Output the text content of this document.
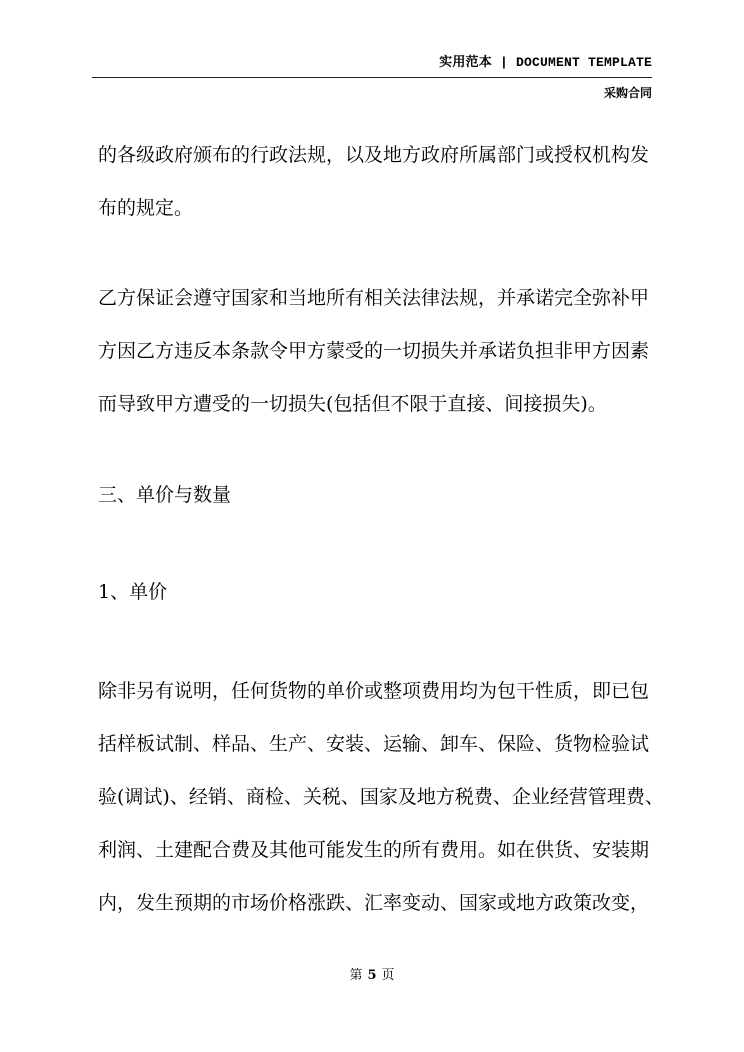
实用范本 | DOCUMENT TEMPLATE
采购合同
的各级政府颁布的行政法规，以及地方政府所属部门或授权机构发
布的规定。
乙方保证会遵守国家和当地所有相关法律法规，并承诺完全弥补甲
方因乙方违反本条款令甲方蒙受的一切损失并承诺负担非甲方因素
而导致甲方遭受的一切损失(包括但不限于直接、间接损失)。
三、单价与数量
1、单价
除非另有说明，任何货物的单价或整项费用均为包干性质，即已包
括样板试制、样品、生产、安装、运输、卸车、保险、货物检验试
验(调试)、经销、商检、关税、国家及地方税费、企业经营管理费、
利润、土建配合费及其他可能发生的所有费用。如在供货、安装期
内，发生预期的市场价格涨跌、汇率变动、国家或地方政策改变，
第 5 页
